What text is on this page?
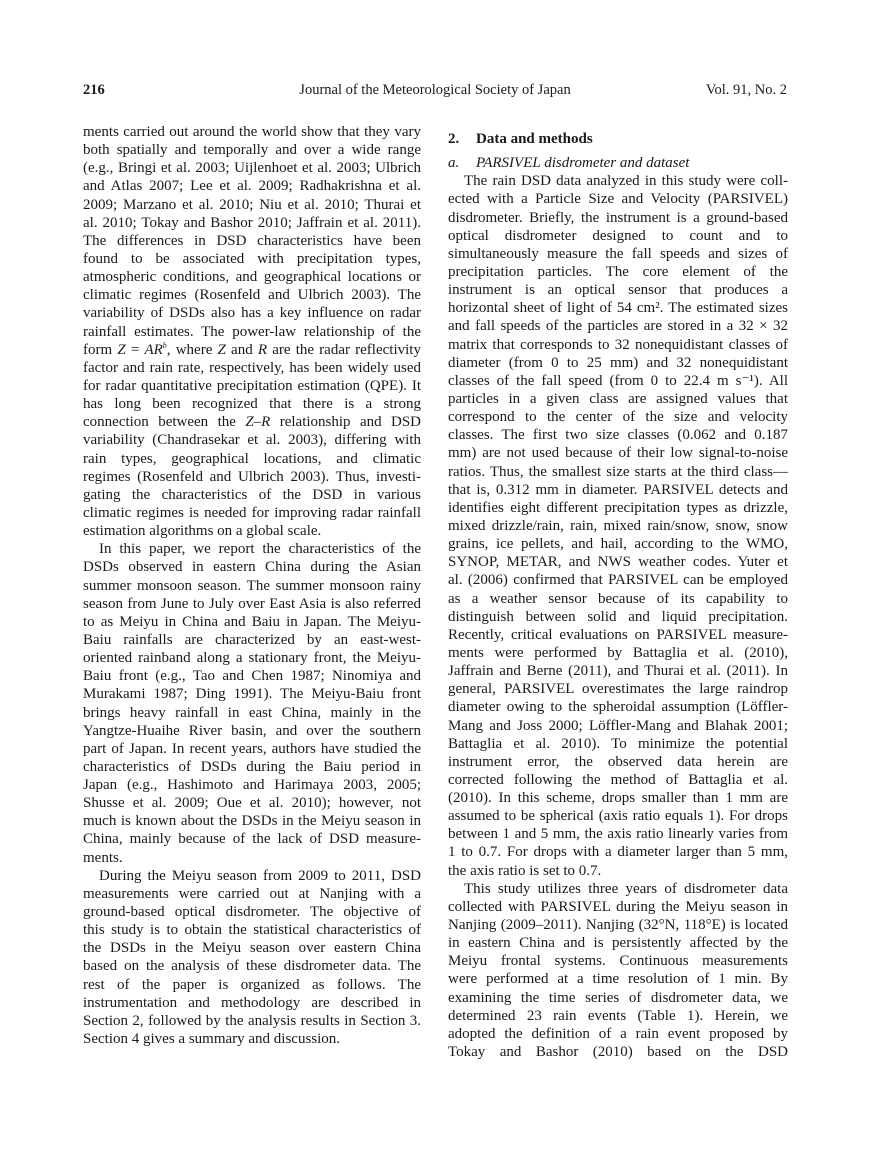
216	Journal of the Meteorological Society of Japan	Vol. 91, No. 2
ments carried out around the world show that they vary
both spatially and temporally and over a wide range
(e.g., Bringi et al. 2003; Uijlenhoet et al. 2003; Ulbrich
and Atlas 2007; Lee et al. 2009; Radhakrishna et al.
2009; Marzano et al. 2010; Niu et al. 2010; Thurai et
al. 2010; Tokay and Bashor 2010; Jaffrain et al. 2011).
The differences in DSD characteristics have been
found to be associated with precipitation types,
atmospheric conditions, and geographical locations or
climatic regimes (Rosenfeld and Ulbrich 2003). The
variability of DSDs also has a key influence on radar
rainfall estimates. The power-law relationship of the
form $Z = AR^b$, where Z and R are the radar reflectivity
factor and rain rate, respectively, has been widely used
for radar quantitative precipitation estimation (QPE). It
has long been recognized that there is a strong
connection between the Z–R relationship and DSD
variability (Chandrasekar et al. 2003), differing with
rain types, geographical locations, and climatic
regimes (Rosenfeld and Ulbrich 2003). Thus, investi-
gating the characteristics of the DSD in various
climatic regimes is needed for improving radar rainfall
estimation algorithms on a global scale.
In this paper, we report the characteristics of the
DSDs observed in eastern China during the Asian
summer monsoon season. The summer monsoon rainy
season from June to July over East Asia is also referred
to as Meiyu in China and Baiu in Japan. The Meiyu-
Baiu rainfalls are characterized by an east-west-
oriented rainband along a stationary front, the Meiyu-
Baiu front (e.g., Tao and Chen 1987; Ninomiya and
Murakami 1987; Ding 1991). The Meiyu-Baiu front
brings heavy rainfall in east China, mainly in the
Yangtze-Huaihe River basin, and over the southern
part of Japan. In recent years, authors have studied the
characteristics of DSDs during the Baiu period in
Japan (e.g., Hashimoto and Harimaya 2003, 2005;
Shusse et al. 2009; Oue et al. 2010); however, not
much is known about the DSDs in the Meiyu season in
China, mainly because of the lack of DSD measure-
ments.
During the Meiyu season from 2009 to 2011, DSD
measurements were carried out at Nanjing with a
ground-based optical disdrometer. The objective of
this study is to obtain the statistical characteristics of
the DSDs in the Meiyu season over eastern China
based on the analysis of these disdrometer data. The
rest of the paper is organized as follows. The
instrumentation and methodology are described in
Section 2, followed by the analysis results in Section 3.
Section 4 gives a summary and discussion.
2. Data and methods
a. PARSIVEL disdrometer and dataset
The rain DSD data analyzed in this study were coll-
ected with a Particle Size and Velocity (PARSIVEL)
disdrometer. Briefly, the instrument is a ground-based
optical disdrometer designed to count and to
simultaneously measure the fall speeds and sizes of
precipitation particles. The core element of the
instrument is an optical sensor that produces a
horizontal sheet of light of 54 cm². The estimated sizes
and fall speeds of the particles are stored in a 32 × 32
matrix that corresponds to 32 nonequidistant classes of
diameter (from 0 to 25 mm) and 32 nonequidistant
classes of the fall speed (from 0 to 22.4 m s⁻¹). All
particles in a given class are assigned values that
correspond to the center of the size and velocity
classes. The first two size classes (0.062 and 0.187
mm) are not used because of their low signal-to-noise
ratios. Thus, the smallest size starts at the third class—
that is, 0.312 mm in diameter. PARSIVEL detects and
identifies eight different precipitation types as drizzle,
mixed drizzle/rain, rain, mixed rain/snow, snow, snow
grains, ice pellets, and hail, according to the WMO,
SYNOP, METAR, and NWS weather codes. Yuter et
al. (2006) confirmed that PARSIVEL can be employed
as a weather sensor because of its capability to
distinguish between solid and liquid precipitation.
Recently, critical evaluations on PARSIVEL measure-
ments were performed by Battaglia et al. (2010),
Jaffrain and Berne (2011), and Thurai et al. (2011). In
general, PARSIVEL overestimates the large raindrop
diameter owing to the spheroidal assumption (Löffler-
Mang and Joss 2000; Löffler-Mang and Blahak 2001;
Battaglia et al. 2010). To minimize the potential
instrument error, the observed data herein are
corrected following the method of Battaglia et al.
(2010). In this scheme, drops smaller than 1 mm are
assumed to be spherical (axis ratio equals 1). For drops
between 1 and 5 mm, the axis ratio linearly varies from
1 to 0.7. For drops with a diameter larger than 5 mm,
the axis ratio is set to 0.7.
This study utilizes three years of disdrometer data
collected with PARSIVEL during the Meiyu season in
Nanjing (2009–2011). Nanjing (32°N, 118°E) is located
in eastern China and is persistently affected by the
Meiyu frontal systems. Continuous measurements
were performed at a time resolution of 1 min. By
examining the time series of disdrometer data, we
determined 23 rain events (Table 1). Herein, we
adopted the definition of a rain event proposed by
Tokay and Bashor (2010) based on the DSD
